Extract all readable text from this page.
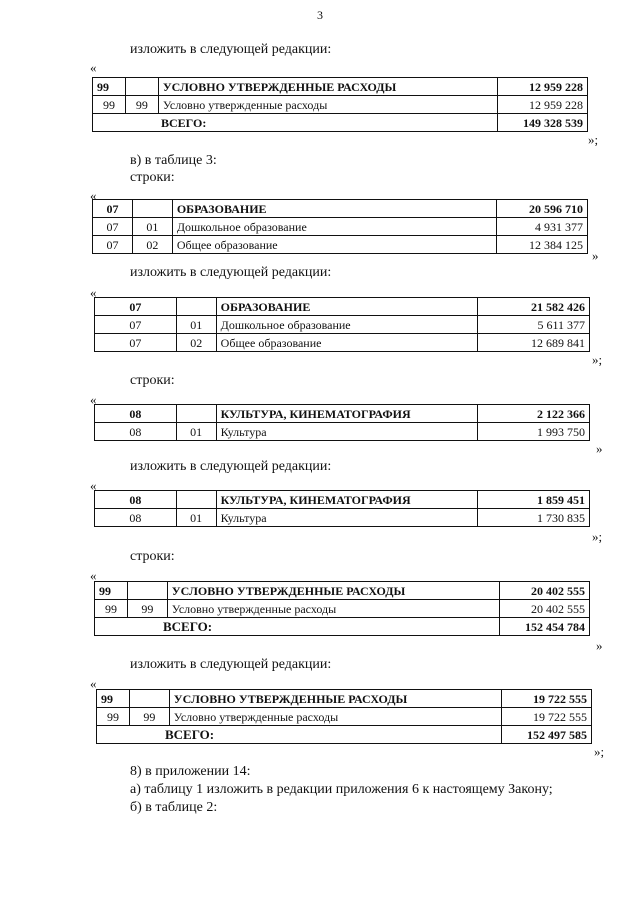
3
изложить в следующей редакции:
«
99		УСЛОВНО УТВЕРЖДЕННЫЕ РАСХОДЫ	12 959 228
99	99	Условно утвержденные расходы	12 959 228
ВСЕГО:			149 328 539
»;
в) в таблице 3:
строки:
«
07		ОБРАЗОВАНИЕ	20 596 710
07	01	Дошкольное образование	4 931 377
07	02	Общее образование	12 384 125
»
изложить в следующей редакции:
«
07		ОБРАЗОВАНИЕ	21 582 426
07	01	Дошкольное образование	5 611 377
07	02	Общее образование	12 689 841
»;
строки:
«
08		КУЛЬТУРА, КИНЕМАТОГРАФИЯ	2 122 366
08	01	Культура	1 993 750
»
изложить в следующей редакции:
«
08		КУЛЬТУРА, КИНЕМАТОГРАФИЯ	1 859 451
08	01	Культура	1 730 835
»;
строки:
«
99		УСЛОВНО УТВЕРЖДЕННЫЕ РАСХОДЫ	20 402 555
99	99	Условно утвержденные расходы	20 402 555
ВСЕГО:			152 454 784
»
изложить в следующей редакции:
«
99		УСЛОВНО УТВЕРЖДЕННЫЕ РАСХОДЫ	19 722 555
99	99	Условно утвержденные расходы	19 722 555
ВСЕГО:			152 497 585
»;
8) в приложении 14:
а) таблицу 1 изложить в редакции приложения 6 к настоящему Закону;
б) в таблице 2:
